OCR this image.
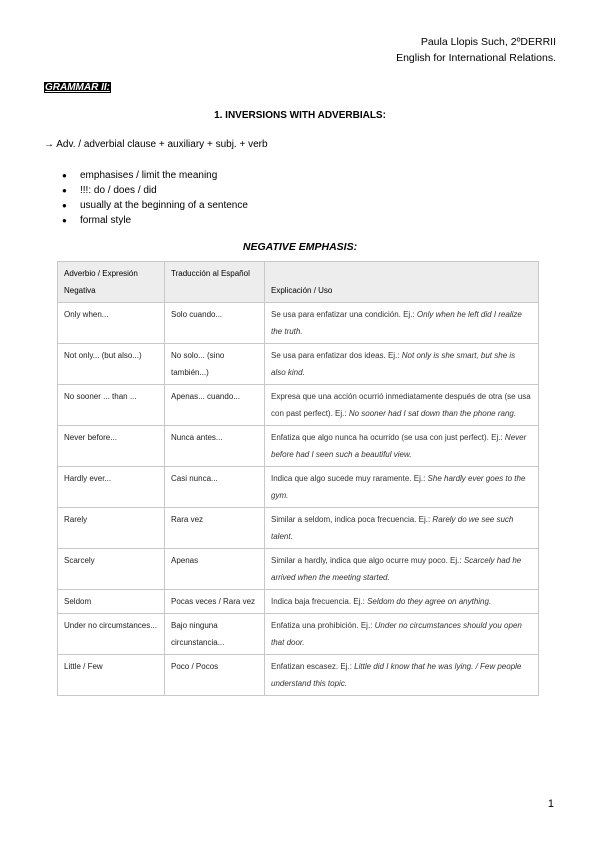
Paula Llopis Such, 2ºDERRII
English for International Relations.
GRAMMAR II:
1. INVERSIONS WITH ADVERBIALS:
→ Adv. / adverbial clause + auxiliary + subj. + verb
● emphasises / limit the meaning
● !!!: do / does / did
● usually at the beginning of a sentence
● formal style
NEGATIVE EMPHASIS:
Adverbio / Expresión Negativa	Traducción al Español	Explicación / Uso
Only when...	Solo cuando...	Se usa para enfatizar una condición. Ej.: Only when he left did I realize the truth.
Not only... (but also...)	No solo... (sino también...)	Se usa para enfatizar dos ideas. Ej.: Not only is she smart, but she is also kind.
No sooner ... than ...	Apenas... cuando...	Expresa que una acción ocurrió inmediatamente después de otra (se usa con past perfect). Ej.: No sooner had I sat down than the phone rang.
Never before...	Nunca antes...	Enfatiza que algo nunca ha ocurrido (se usa con just perfect). Ej.: Never before had I seen such a beautiful view.
Hardly ever...	Casi nunca...	Indica que algo sucede muy raramente. Ej.: She hardly ever goes to the gym.
Rarely	Rara vez	Similar a seldom, indica poca frecuencia. Ej.: Rarely do we see such talent.
Scarcely	Apenas	Similar a hardly, indica que algo ocurre muy poco. Ej.: Scarcely had he arrived when the meeting started.
Seldom	Pocas veces / Rara vez	Indica baja frecuencia. Ej.: Seldom do they agree on anything.
Under no circumstances...	Bajo ninguna circunstancia...	Enfatiza una prohibición. Ej.: Under no circumstances should you open that door.
Little / Few	Poco / Pocos	Enfatizan escasez. Ej.: Little did I know that he was lying. / Few people understand this topic.
1
